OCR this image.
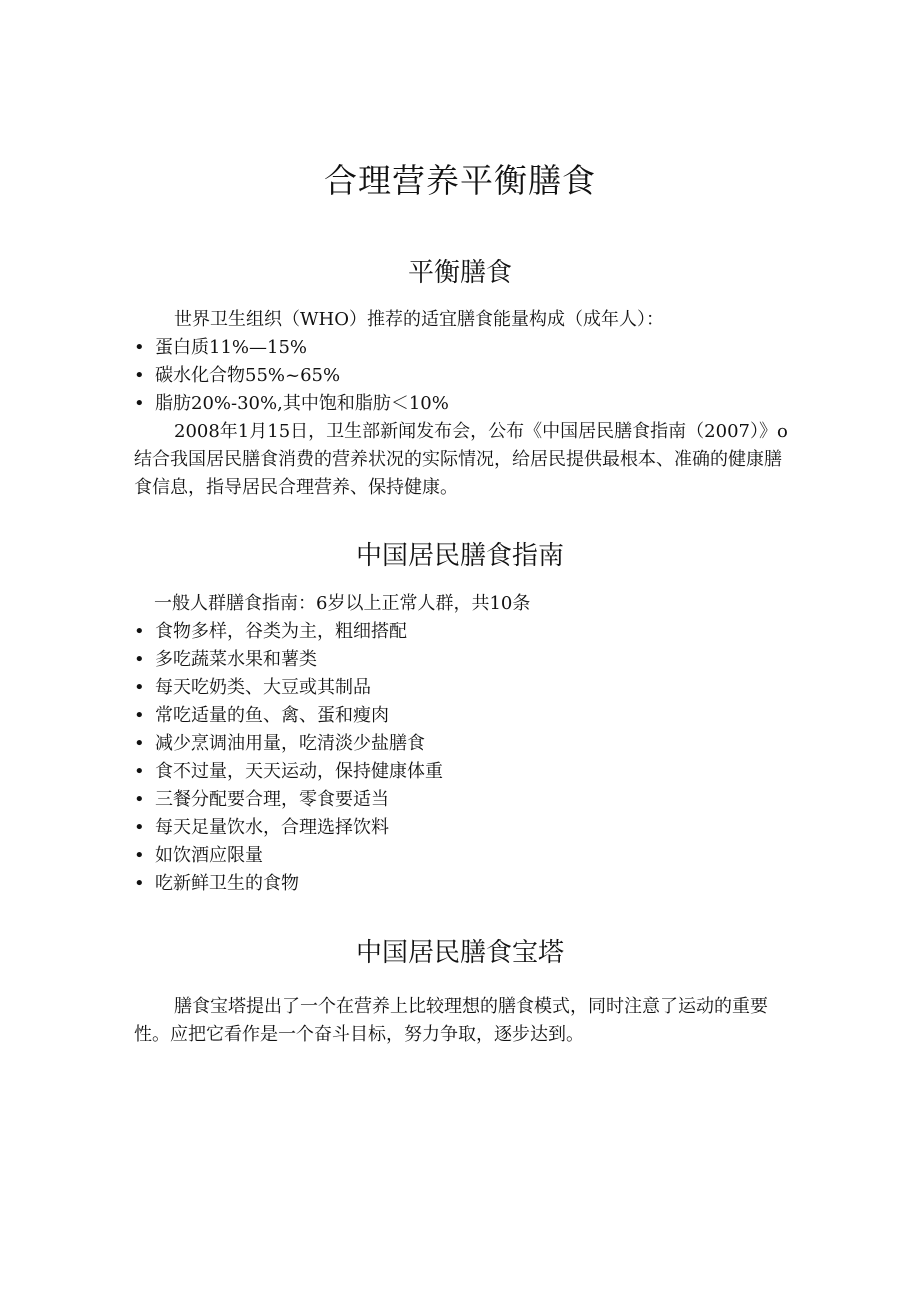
合理营养平衡膳食
平衡膳食

世界卫生组织（WHO）推荐的适宜膳食能量构成（成年人）：

• 蛋白质11%—15%
• 碳水化合物55%~65%
• 脂肪20%-30%,其中饱和脂肪＜10%

2008年1月15日，卫生部新闻发布会，公布《中国居民膳食指南（2007）》o结合我国居民膳食消费的营养状况的实际情况，给居民提供最根本、准确的健康膳食信息，指导居民合理营养、保持健康。

中国居民膳食指南

一般人群膳食指南：6岁以上正常人群，共10条

• 食物多样，谷类为主，粗细搭配
• 多吃蔬菜水果和薯类
• 每天吃奶类、大豆或其制品
• 常吃适量的鱼、禽、蛋和瘦肉
• 减少烹调油用量，吃清淡少盐膳食
• 食不过量，天天运动，保持健康体重
• 三餐分配要合理，零食要适当
• 每天足量饮水，合理选择饮料
• 如饮酒应限量
• 吃新鲜卫生的食物
中国居民膳食宝塔

膳食宝塔提出了一个在营养上比较理想的膳食模式，同时注意了运动的重要性。应把它看作是一个奋斗目标，努力争取，逐步达到。
